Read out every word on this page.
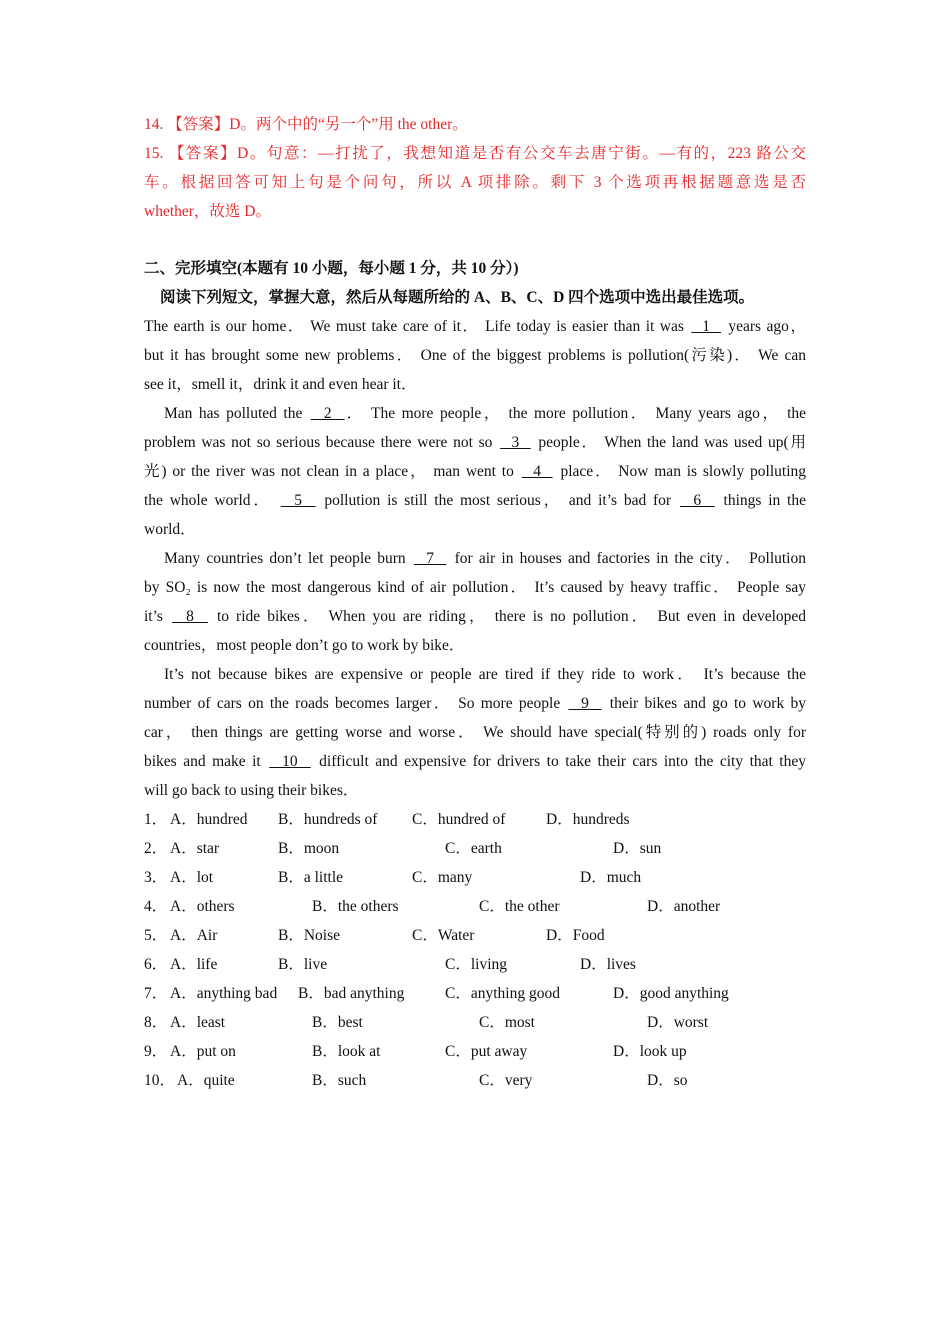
14. 【答案】D。两个中的“另一个”用 the other。
15. 【答案】D。句意：—打扰了，我想知道是否有公交车去唐宁街。—有的，223 路公交
车。根据回答可知上句是个问句，所以 A 项排除。剩下 3 个选项再根据题意选是否
whether，故选 D。
二、完形填空(本题有 10 小题，每小题 1 分，共 10 分）)
阅读下列短文，掌握大意，然后从每题所给的 A、B、C、D 四个选项中选出最佳选项。
The earth is our home． We must take care of it． Life today is easier than it was   1   years ago，
but it has brought some new problems． One of the biggest problems is pollution(污染)． We can
see it，smell it，drink it and even hear it．
Man has polluted the   2  ． The more people， the more pollution． Many years ago， the
problem was not so serious because there were not so   3   people． When the land was used up(用
光) or the river was not clean in a place， man went to   4   place． Now man is slowly polluting
the whole world．   5   pollution is still the most serious， and it’s bad for   6   things in the
world．
Many countries don’t let people burn   7   for air in houses and factories in the city． Pollution
by SO₂ is now the most dangerous kind of air pollution． It’s caused by heavy traffic． People say
it’s   8   to ride bikes． When you are riding， there is no pollution． But even in developed
countries，most people don’t go to work by bike．
It’s not because bikes are expensive or people are tired if they ride to work． It’s because the
number of cars on the roads becomes larger． So more people   9   their bikes and go to work by
car， then things are getting worse and worse． We should have special(特别的) roads only for
bikes and make it   10   difficult and expensive for drivers to take their cars into the city that they
will go back to using their bikes．
1． A．hundred B．hundreds of C．hundred of	D．hundreds
2． A．star	B．moon	C．earth	D．sun
3． A．lot	B．a little	C．many	D．much
4． A．others	B．the others	C．the other	D．another
5． A．Air	B．Noise	C．Water	D．Food
6． A．life	B．live	C．living	D．lives
7． A．anything bad B．bad anything	C．anything good	D．good anything
8． A．least	B．best	C．most	D．worst
9． A．put on	B．look at	C．put away	D．look up
10． A．quite	B．such	C．very	D．so
